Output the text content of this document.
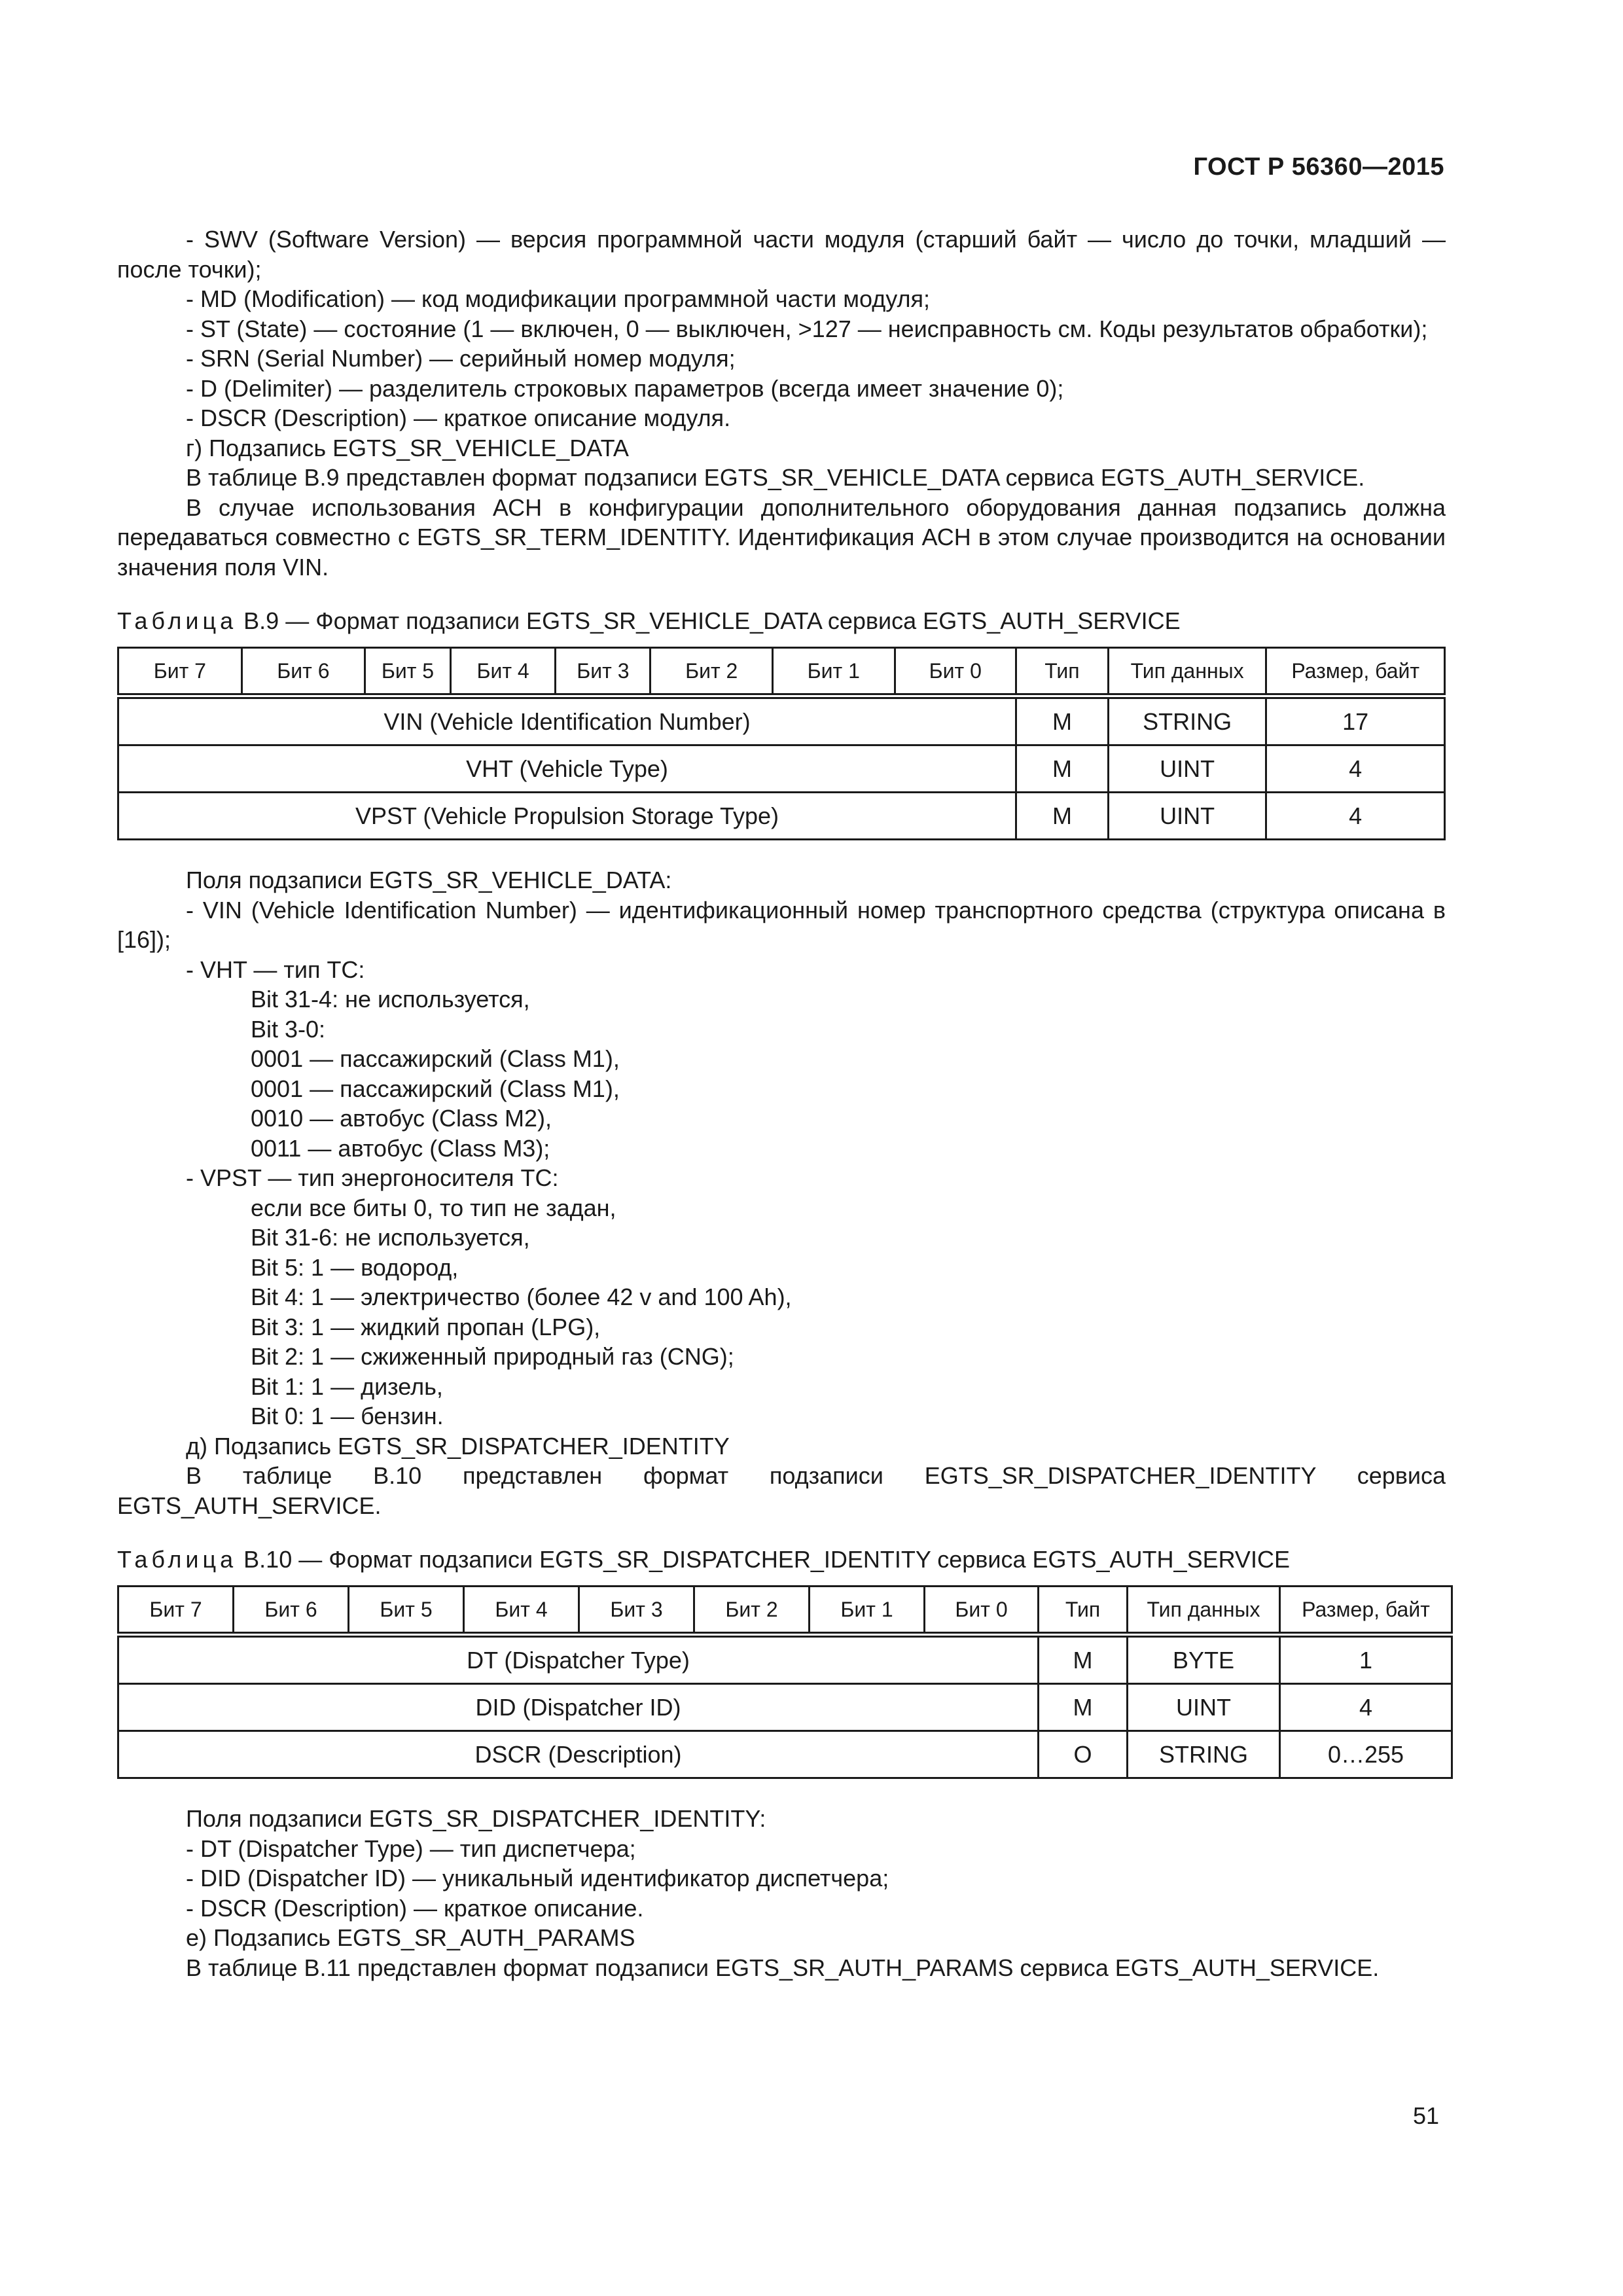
ГОСТ Р 56360—2015

- SWV (Software Version) — версия программной части модуля (старший байт — число до точки, младший — после точки);

- MD (Modification) — код модификации программной части модуля;

- ST (State) — состояние (1 — включен, 0 — выключен, >127 — неисправность см. Коды результатов обработки);

- SRN (Serial Number) — серийный номер модуля;

- D (Delimiter) — разделитель строковых параметров (всегда имеет значение 0);

- DSCR (Description) — краткое описание модуля.

г) Подзапись EGTS_SR_VEHICLE_DATA

В таблице В.9 представлен формат подзаписи EGTS_SR_VEHICLE_DATA сервиса EGTS_AUTH_SERVICE.

В случае использования АСН в конфигурации дополнительного оборудования данная подзапись должна передаваться совместно с EGTS_SR_TERM_IDENTITY. Идентификация АСН в этом случае производится на основании значения поля VIN.

Таблица В.9 — Формат подзаписи EGTS_SR_VEHICLE_DATA сервиса EGTS_AUTH_SERVICE

Бит 7	Бит 6	Бит 5	Бит 4	Бит 3	Бит 2	Бит 1	Бит 0	Тип	Тип данных	Размер, байт
VIN (Vehicle Identification Number)								M	STRING	17
VHT (Vehicle Type)								M	UINT	4
VPST (Vehicle Propulsion Storage Type)								M	UINT	4

Поля подзаписи EGTS_SR_VEHICLE_DATA:

- VIN (Vehicle Identification Number) — идентификационный номер транспортного средства (структура описана в [16]);

- VHT — тип ТС:

Bit 31-4: не используется,

Bit 3-0:

0001 — пассажирский (Class M1),

0001 — пассажирский (Class M1),

0010 — автобус (Class M2),

0011 — автобус (Class M3);

- VPST — тип энергоносителя ТС:

если все биты 0, то тип не задан,

Bit 31-6: не используется,

Bit 5: 1 — водород,

Bit 4: 1 — электричество (более 42 v and 100 Ah),

Bit 3: 1 — жидкий пропан (LPG),

Bit 2: 1 — сжиженный природный газ (CNG);

Bit 1: 1 — дизель,

Bit 0: 1 — бензин.

д) Подзапись EGTS_SR_DISPATCHER_IDENTITY

В таблице В.10 представлен формат подзаписи EGTS_SR_DISPATCHER_IDENTITY сервиса EGTS_AUTH_SERVICE.

Таблица В.10 — Формат подзаписи EGTS_SR_DISPATCHER_IDENTITY сервиса EGTS_AUTH_SERVICE

Бит 7	Бит 6	Бит 5	Бит 4	Бит 3	Бит 2	Бит 1	Бит 0	Тип	Тип данных	Размер, байт
DT (Dispatcher Type)								M	BYTE	1
DID (Dispatcher ID)								M	UINT	4
DSCR (Description)								O	STRING	0…255

Поля подзаписи EGTS_SR_DISPATCHER_IDENTITY:

- DT (Dispatcher Type) — тип диспетчера;

- DID (Dispatcher ID) — уникальный идентификатор диспетчера;

- DSCR (Description) — краткое описание.

е) Подзапись EGTS_SR_AUTH_PARAMS

В таблице В.11 представлен формат подзаписи EGTS_SR_AUTH_PARAMS сервиса EGTS_AUTH_SERVICE.

51
